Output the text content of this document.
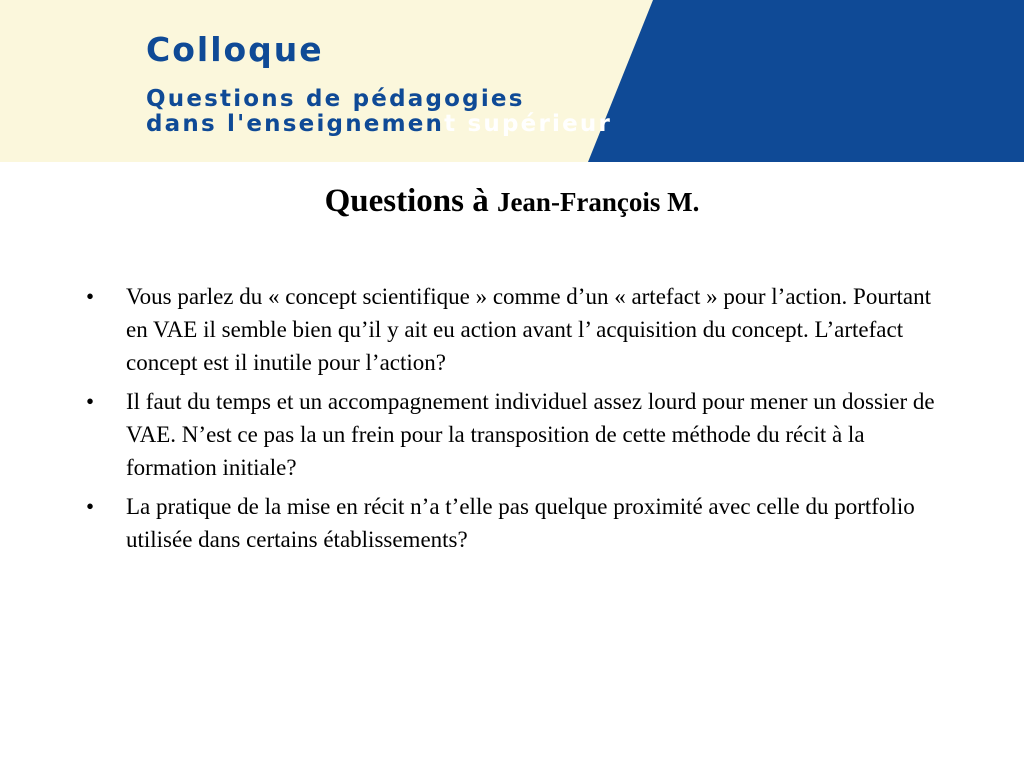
Colloque
Questions de pédagogies
dans l'enseignement supérieur
Questions à Jean-François M.
•	Vous parlez du « concept scientifique » comme d’un « artefact » pour l’action. Pourtant en VAE il semble bien qu’il y ait eu action avant l’ acquisition du concept. L’artefact concept est il inutile pour l’action?
•	Il faut du temps et un accompagnement individuel assez lourd pour mener un dossier de VAE. N’est ce pas la un frein pour la transposition de cette méthode du récit à la formation initiale?
•	La pratique de la mise en récit n’a t’elle pas quelque proximité avec celle du portfolio utilisée dans certains établissements?
